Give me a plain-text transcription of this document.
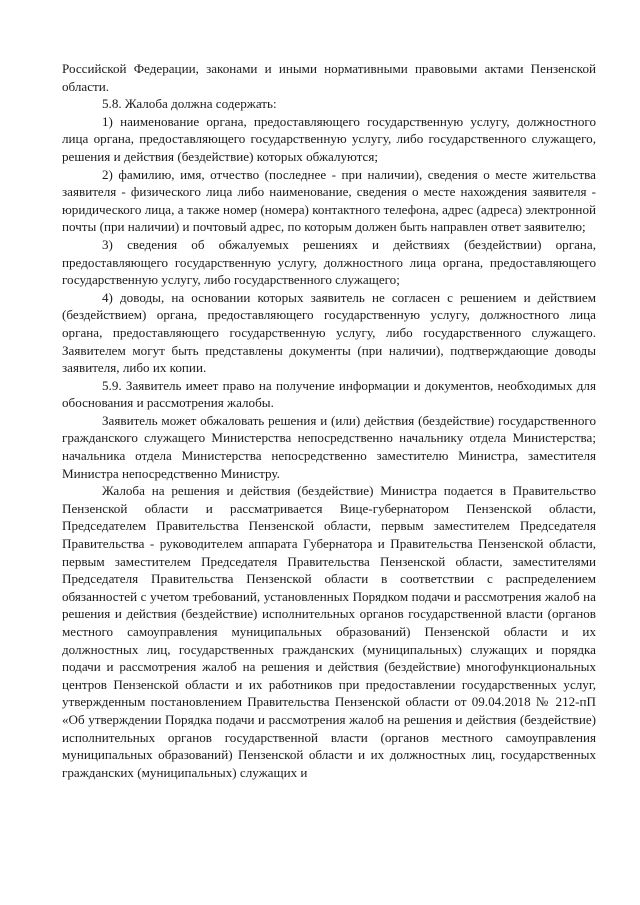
Российской Федерации, законами и иными нормативными правовыми актами Пензенской области.

5.8. Жалоба должна содержать:

1) наименование органа, предоставляющего государственную услугу, должностного лица органа, предоставляющего государственную услугу, либо государственного служащего, решения и действия (бездействие) которых обжалуются;

2) фамилию, имя, отчество (последнее - при наличии), сведения о месте жительства заявителя - физического лица либо наименование, сведения о месте нахождения заявителя - юридического лица, а также номер (номера) контактного телефона, адрес (адреса) электронной почты (при наличии) и почтовый адрес, по которым должен быть направлен ответ заявителю;

3) сведения об обжалуемых решениях и действиях (бездействии) органа, предоставляющего государственную услугу, должностного лица органа, предоставляющего государственную услугу, либо государственного служащего;

4) доводы, на основании которых заявитель не согласен с решением и действием (бездействием) органа, предоставляющего государственную услугу, должностного лица органа, предоставляющего государственную услугу, либо государственного служащего. Заявителем могут быть представлены документы (при наличии), подтверждающие доводы заявителя, либо их копии.

5.9. Заявитель имеет право на получение информации и документов, необходимых для обоснования и рассмотрения жалобы.

Заявитель может обжаловать решения и (или) действия (бездействие) государственного гражданского служащего Министерства непосредственно начальнику отдела Министерства; начальника отдела Министерства непосредственно заместителю Министра, заместителя Министра непосредственно Министру.

Жалоба на решения и действия (бездействие) Министра подается в Правительство Пензенской области и рассматривается Вице-губернатором Пензенской области, Председателем Правительства Пензенской области, первым заместителем Председателя Правительства - руководителем аппарата Губернатора и Правительства Пензенской области, первым заместителем Председателя Правительства Пензенской области, заместителями Председателя Правительства Пензенской области в соответствии с распределением обязанностей с учетом требований, установленных Порядком подачи и рассмотрения жалоб на решения и действия (бездействие) исполнительных органов государственной власти (органов местного самоуправления муниципальных образований) Пензенской области и их должностных лиц, государственных гражданских (муниципальных) служащих и порядка подачи и рассмотрения жалоб на решения и действия (бездействие) многофункциональных центров Пензенской области и их работников при предоставлении государственных услуг, утвержденным постановлением Правительства Пензенской области от 09.04.2018 № 212-пП «Об утверждении Порядка подачи и рассмотрения жалоб на решения и действия (бездействие) исполнительных органов государственной власти (органов местного самоуправления муниципальных образований) Пензенской области и их должностных лиц, государственных гражданских (муниципальных) служащих и
